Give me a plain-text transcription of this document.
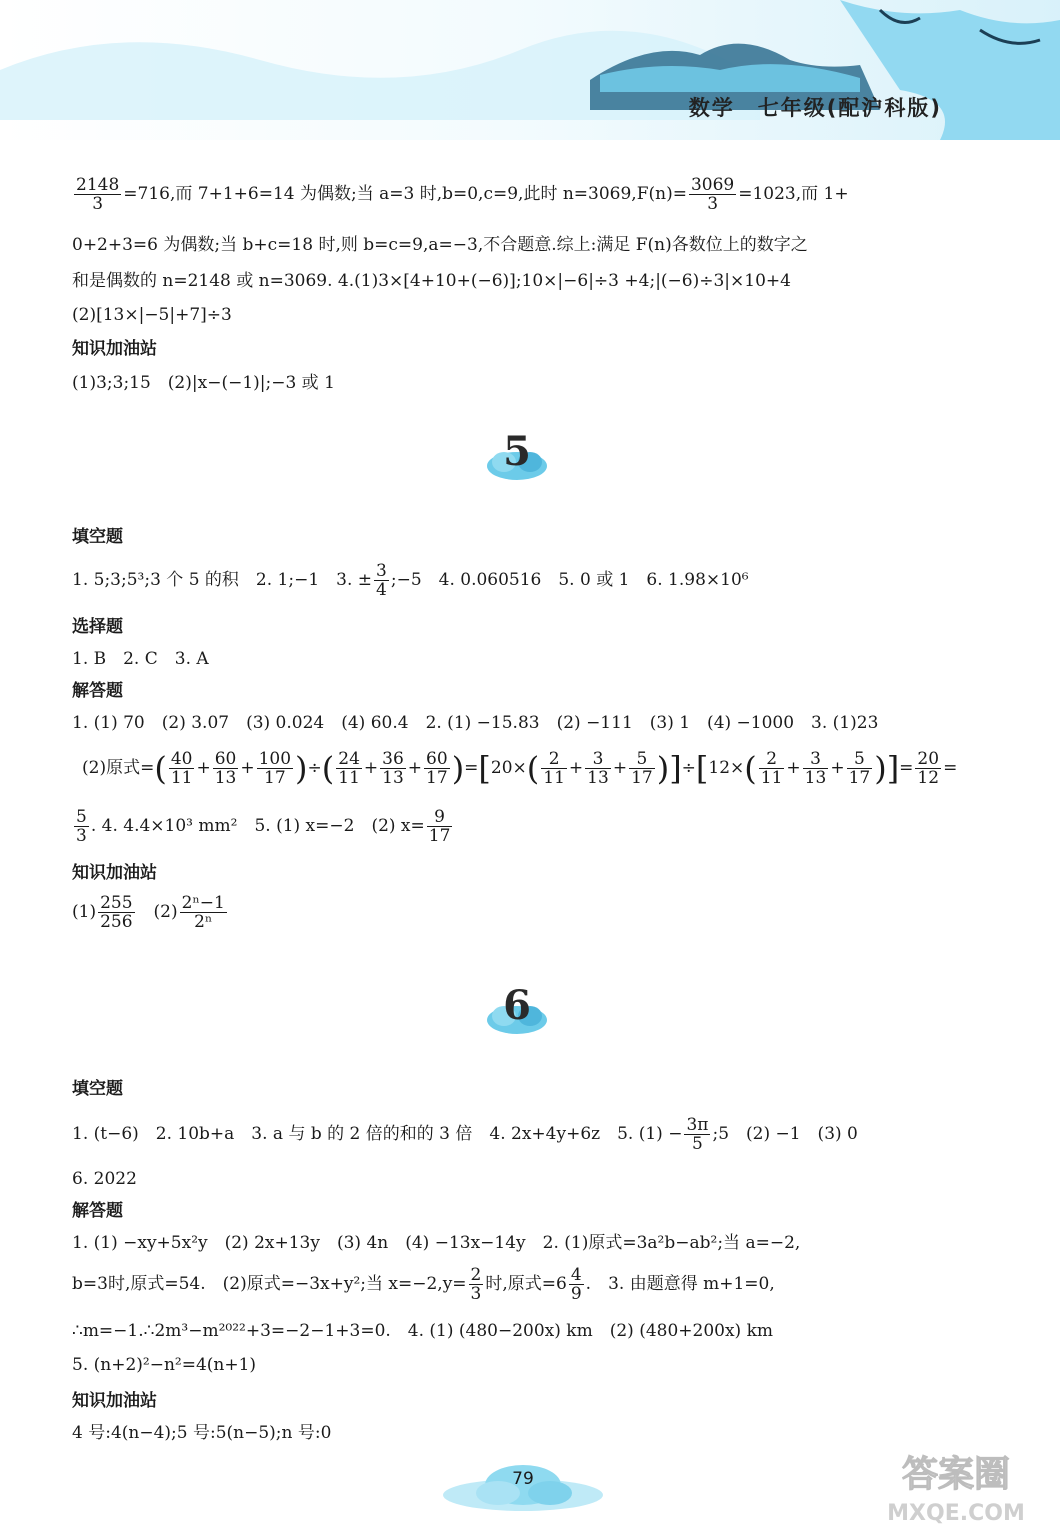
数学　七年级(配沪科版)
$\frac{2148}{3} =716$,而 7+1+6=14 为偶数;当 a=3 时,b=0,c=9,此时 $n=3069,F(n)= \frac{3069}{3} =1023$,而 1+
0+2+3=6 为偶数;当 b+c=18 时,则 b=c=9,a=−3,不合题意.综上:满足 F(n)各数位上的数字之
和是偶数的 n=2148 或 n=3069. 4.(1)3×[4+10+(−6)];10×|−6|÷3 +4;|(−6)÷3|×10+4
(2)[13×|−5|+7]÷3
知识加油站
(1)3;3;15　(2)|x−(−1)|;−3 或 1
5
填空题
1. 5;3;5³;3 个 5 的积　2. 1;−1　3. ± $\frac{3}{4}$ ;−5　4. 0.060516　5. 0 或 1　6. 1.98×10⁶
选择题
1. B　2. C　3. A
解答题
1. (1) 70　(2) 3.07　(3) 0.024　(4) 60.4　2. (1) −15.83　(2) −111　(3) 1　(4) −1000　3. (1)23
(2)原式=( $\frac{40}{11} + \frac{60}{13} + \frac{100}{17}$ )÷( $\frac{24}{11} + \frac{36}{13} + \frac{60}{17} )=[20\times( \frac{2}{11} + \frac{3}{13} + \frac{5}{17} )]\div[12\times( \frac{2}{11} + \frac{3}{13} + \frac{5}{17}$ )]= $\frac{20}{12}$ =
$\frac{5}{3}$ . 4. 4.4×10³ mm²　5. (1) x=−2　(2) $x= \frac{9}{17}$
知识加油站
$(1) \frac{255}{256}$ 　$(2) \frac{\text{2ⁿ−1}}{\text{2ⁿ}}$
6
填空题
1. (t−6)　2. 10b+a　3. a 与 b 的 2 倍的和的 3 倍　4. 2x+4y+6z　5. $(1) - \frac{3\pi}{5}$ ;5　(2) −1　(3) 0
6. 2022
解答题
1. (1) −xy+5x²y　(2) 2x+13y　(3) 4n　(4) −13x−14y　2. (1)原式=3a²b−ab²;当 a=−2,
b=3时,原式=54.　(2)原式=−3x+y²;当 $x=-2,y= \frac{2}{3}$ 时,原式$=6 \frac{4}{9}$ .　3. 由题意得 m+1=0,
∴m=−1.∴2m³−m²⁰²²+3=−2−1+3=0.　4. (1) (480−200x) km　(2) (480+200x) km
5. (n+2)²−n²=4(n+1)
知识加油站
4 号:4(n−4);5 号:5(n−5);n 号:0
79	答案圈
MXQE.COM
